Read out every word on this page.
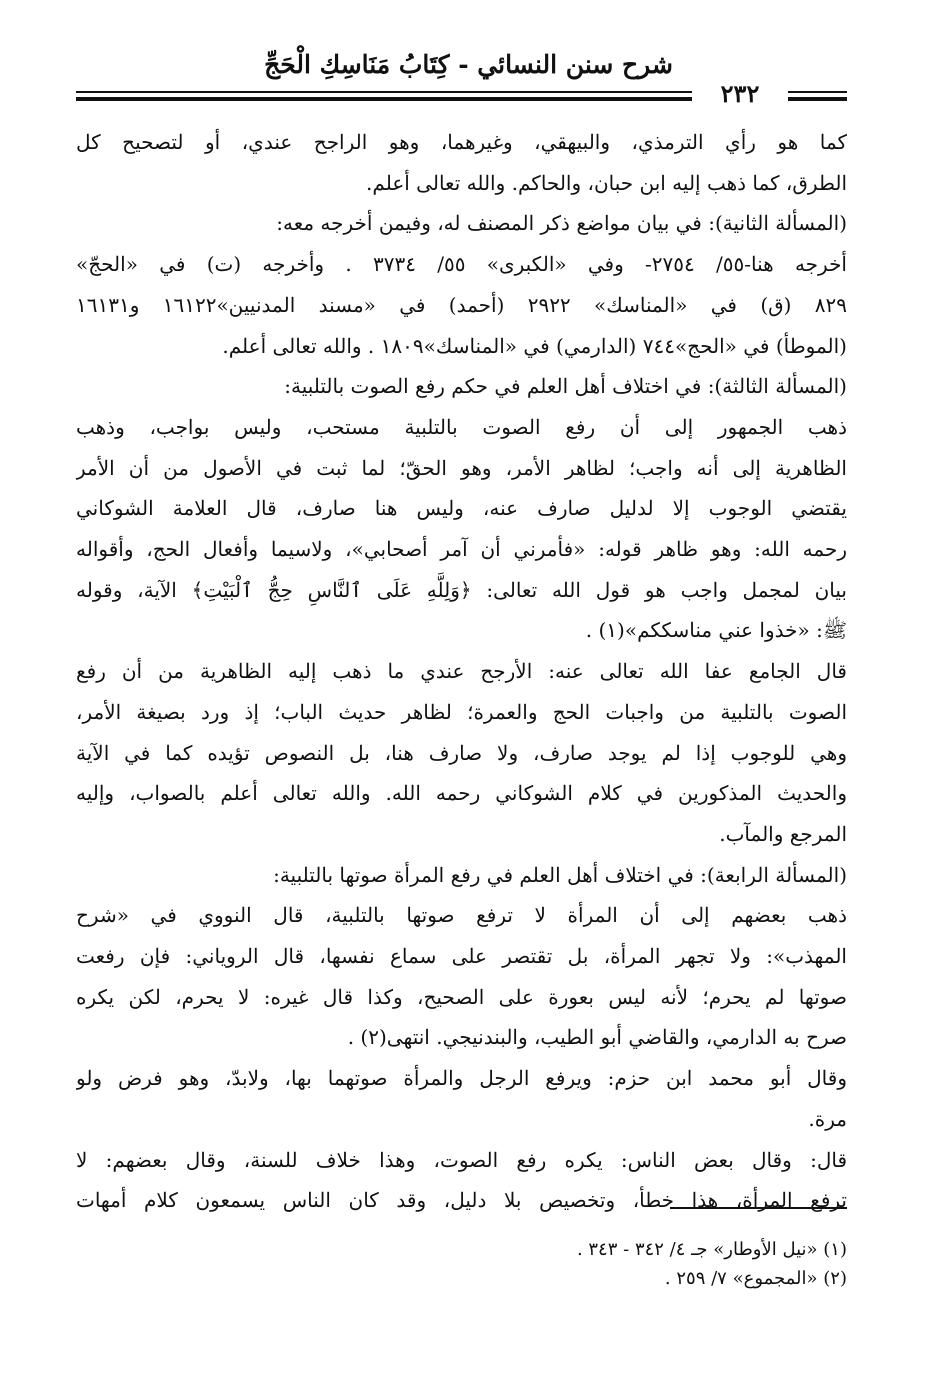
شرح سنن النسائي - كِتَابُ مَنَاسِكِ الْحَجِّ
٢٣٢
كما هو رأي الترمذي، والبيهقي، وغيرهما، وهو الراجح عندي، أو لتصحيح كل
الطرق، كما ذهب إليه ابن حبان، والحاكم. والله تعالى أعلم.
(المسألة الثانية): في بيان مواضع ذكر المصنف له، وفيمن أخرجه معه:
أخرجه هنا-٥٥/ ٢٧٥٤- وفي «الكبرى» ٥٥/ ٣٧٣٤ . وأخرجه (ت) في «الحجّ»
٨٢٩ (ق) في «المناسك» ٢٩٢٢ (أحمد) في «مسند المدنيين»١٦١٢٢ و١٦١٣١
(الموطأ) في «الحج»٧٤٤ (الدارمي) في «المناسك»١٨٠٩ . والله تعالى أعلم.
(المسألة الثالثة): في اختلاف أهل العلم في حكم رفع الصوت بالتلبية:
ذهب الجمهور إلى أن رفع الصوت بالتلبية مستحب، وليس بواجب، وذهب
الظاهرية إلى أنه واجب؛ لظاهر الأمر، وهو الحقّ؛ لما ثبت في الأصول من أن الأمر
يقتضي الوجوب إلا لدليل صارف عنه، وليس هنا صارف، قال العلامة الشوكاني
رحمه الله: وهو ظاهر قوله: «فأمرني أن آمر أصحابي»، ولاسيما وأفعال الحج، وأقواله
بيان لمجمل واجب هو قول الله تعالى: ﴿وَلِلَّهِ عَلَى ٱلنَّاسِ حِجُّ ٱلْبَيْتِ﴾ الآية، وقوله
ﷺ: «خذوا عني مناسككم»(١) .
قال الجامع عفا الله تعالى عنه: الأرجح عندي ما ذهب إليه الظاهرية من أن رفع
الصوت بالتلبية من واجبات الحج والعمرة؛ لظاهر حديث الباب؛ إذ ورد بصيغة الأمر،
وهي للوجوب إذا لم يوجد صارف، ولا صارف هنا، بل النصوص تؤيده كما في الآية
والحديث المذكورين في كلام الشوكاني رحمه الله. والله تعالى أعلم بالصواب، وإليه
المرجع والمآب.
(المسألة الرابعة): في اختلاف أهل العلم في رفع المرأة صوتها بالتلبية:
ذهب بعضهم إلى أن المرأة لا ترفع صوتها بالتلبية، قال النووي في «شرح
المهذب»: ولا تجهر المرأة، بل تقتصر على سماع نفسها، قال الروياني: فإن رفعت
صوتها لم يحرم؛ لأنه ليس بعورة على الصحيح، وكذا قال غيره: لا يحرم، لكن يكره
صرح به الدارمي، والقاضي أبو الطيب، والبندنيجي. انتهى(٢) .
وقال أبو محمد ابن حزم: ويرفع الرجل والمرأة صوتهما بها، ولابدّ، وهو فرض ولو
مرة.
قال: وقال بعض الناس: يكره رفع الصوت، وهذا خلاف للسنة، وقال بعضهم: لا
ترفع المرأة، هذا خطأ، وتخصيص بلا دليل، وقد كان الناس يسمعون كلام أمهات
(١) «نيل الأوطار» جـ ٤/ ٣٤٢ - ٣٤٣ .
(٢) «المجموع» ٧/ ٢٥٩ .
